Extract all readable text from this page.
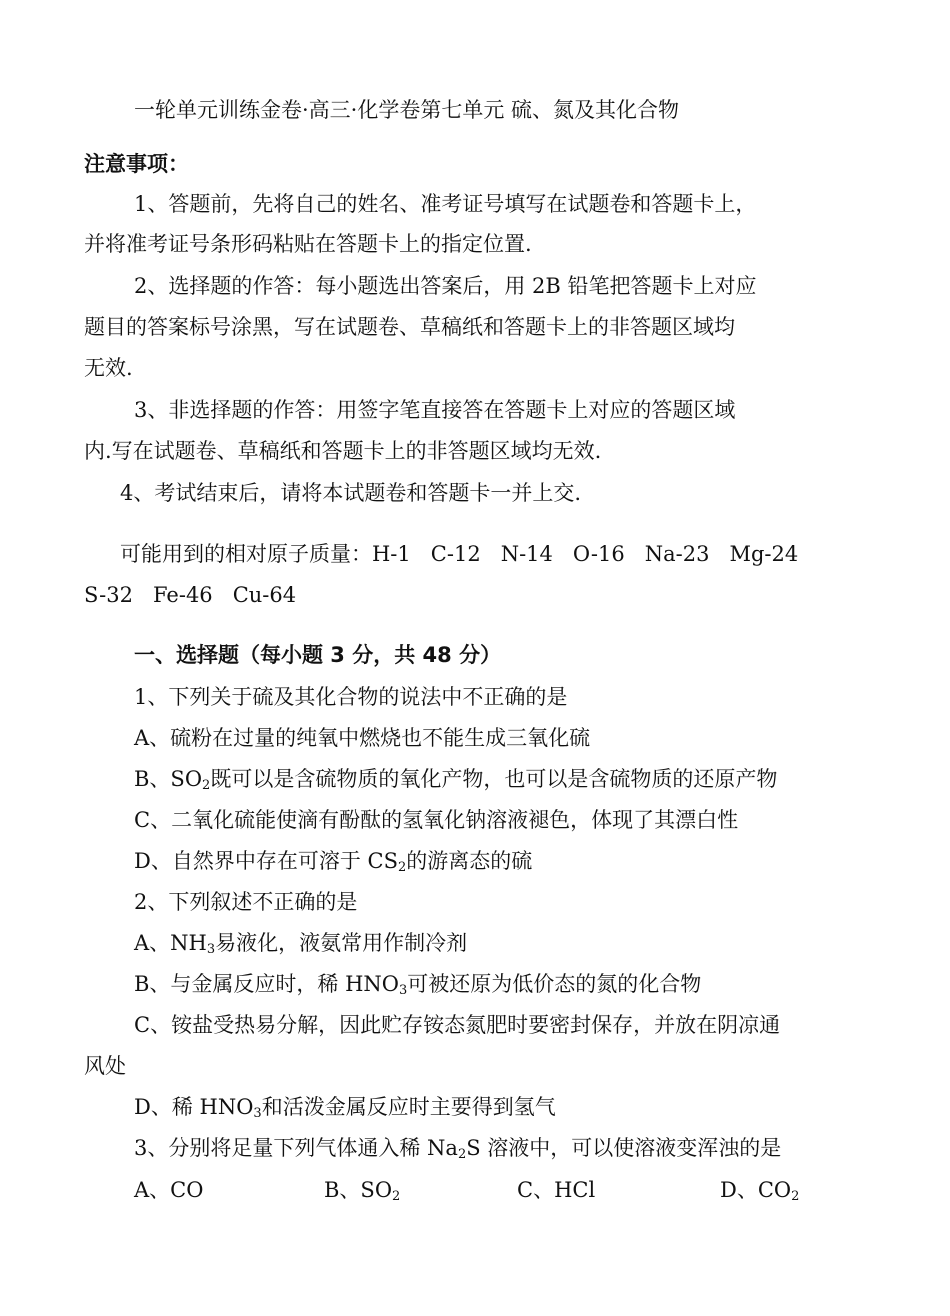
一轮单元训练金卷·高三·化学卷第七单元 硫、氮及其化合物
注意事项：
1、答题前，先将自己的姓名、准考证号填写在试题卷和答题卡上，
并将准考证号条形码粘贴在答题卡上的指定位置.
2、选择题的作答：每小题选出答案后，用 2B 铅笔把答题卡上对应
题目的答案标号涂黑，写在试题卷、草稿纸和答题卡上的非答题区域均
无效.
3、非选择题的作答：用签字笔直接答在答题卡上对应的答题区域
内.写在试题卷、草稿纸和答题卡上的非答题区域均无效.
4、考试结束后，请将本试题卷和答题卡一并上交.
可能用到的相对原子质量：H-1   C-12   N-14   O-16   Na-23   Mg-24
S-32   Fe-46   Cu-64
一、选择题（每小题 3 分，共 48 分）
1、下列关于硫及其化合物的说法中不正确的是
A、硫粉在过量的纯氧中燃烧也不能生成三氧化硫
B、$SO_2$既可以是含硫物质的氧化产物，也可以是含硫物质的还原产物
C、二氧化硫能使滴有酚酞的氢氧化钠溶液褪色，体现了其漂白性
D、自然界中存在可溶于 $CS_2$的游离态的硫
2、下列叙述不正确的是
A、$NH_3$易液化，液氨常用作制冷剂
B、与金属反应时，稀 $HNO_3$可被还原为低价态的氮的化合物
C、铵盐受热易分解，因此贮存铵态氮肥时要密封保存，并放在阴凉通
风处
D、稀 $HNO_3$和活泼金属反应时主要得到氢气
3、分别将足量下列气体通入稀 $Na_2S$ 溶液中，可以使溶液变浑浊的是
A、CO	B、$SO_2$	C、HCl	D、$CO_2$
